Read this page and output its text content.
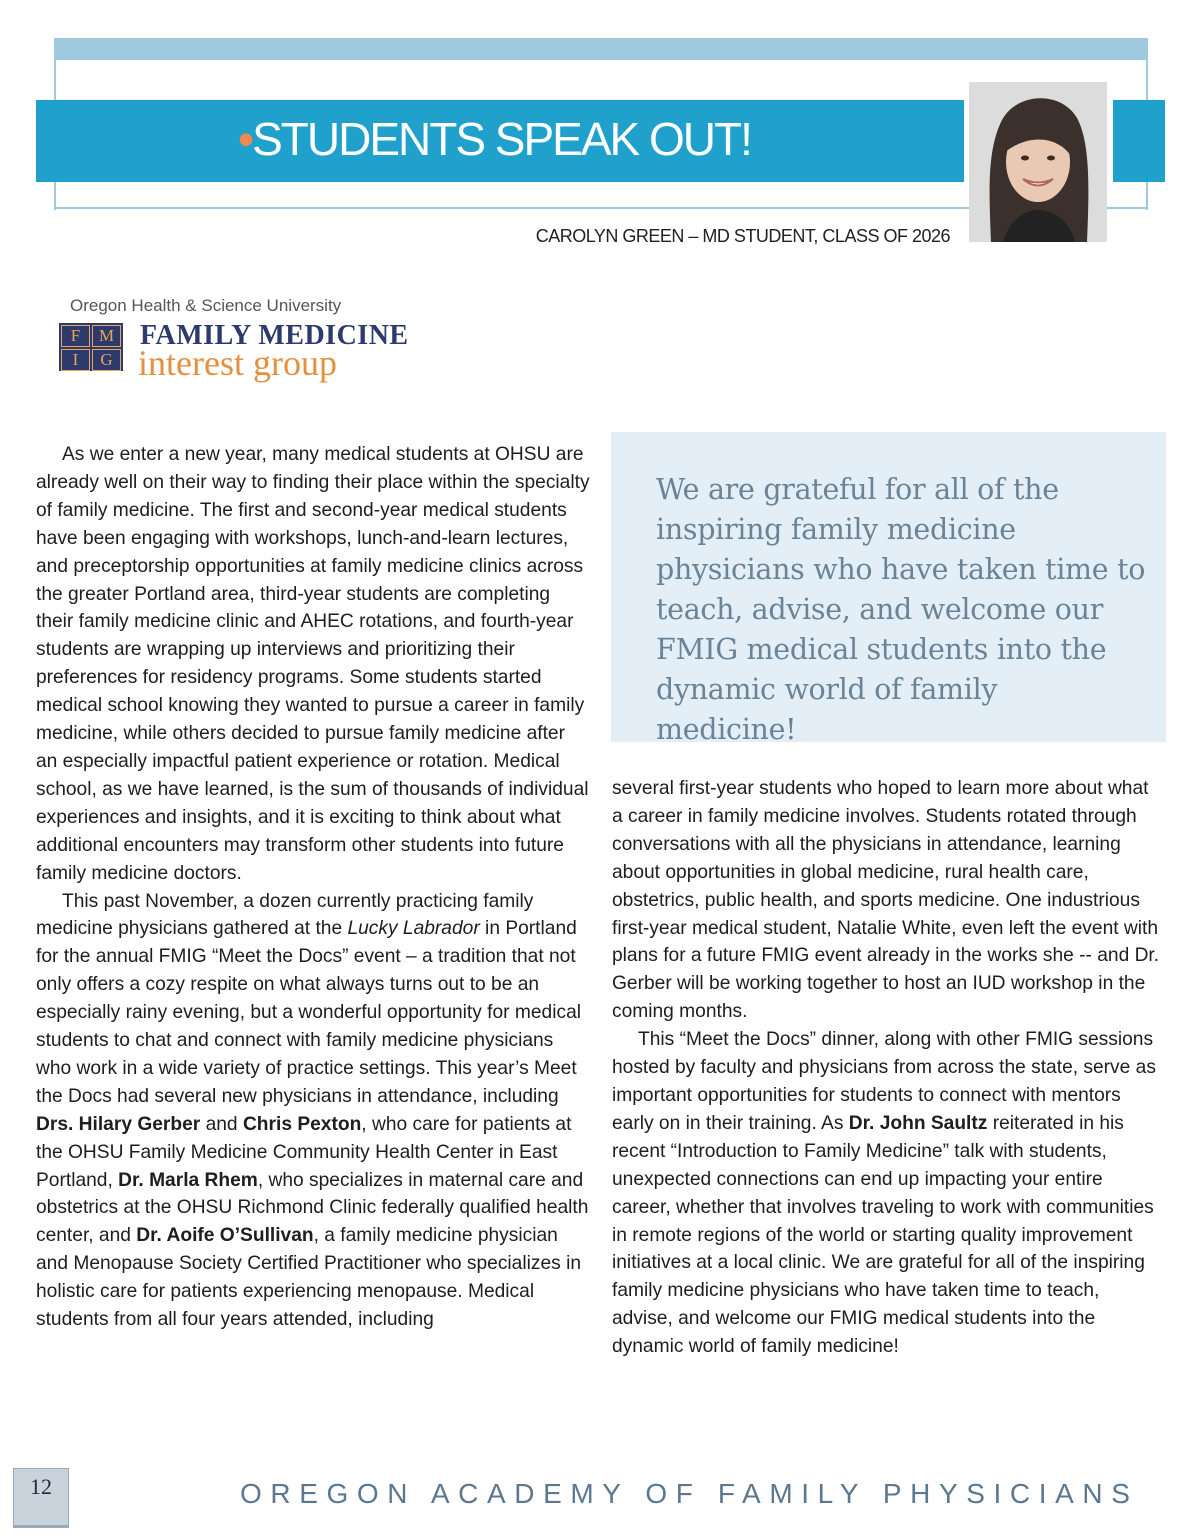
•STUDENTS SPEAK OUT!
CAROLYN GREEN – MD STUDENT, CLASS OF 2026
Oregon Health & Science University
F	M
I	G
FAMILY MEDICINE
interest group

As we enter a new year, many medical students at OHSU are already well on their way to finding their place within the specialty of family medicine. The first and second-year medical students have been engaging with workshops, lunch-and-learn lectures, and preceptorship opportunities at family medicine clinics across the greater Portland area, third-year students are completing their family medicine clinic and AHEC rotations, and fourth-year students are wrapping up interviews and prioritizing their preferences for residency programs. Some students started medical school knowing they wanted to pursue a career in family medicine, while others decided to pursue family medicine after an especially impactful patient experience or rotation. Medical school, as we have learned, is the sum of thousands of individual experiences and insights, and it is exciting to think about what additional encounters may transform other students into future family medicine doctors.

This past November, a dozen currently practicing family medicine physicians gathered at the Lucky Labrador in Portland for the annual FMIG “Meet the Docs” event – a tradition that not only offers a cozy respite on what always turns out to be an especially rainy evening, but a wonderful opportunity for medical students to chat and connect with family medicine physicians who work in a wide variety of practice settings. This year’s Meet the Docs had several new physicians in attendance, including Drs. Hilary Gerber and Chris Pexton, who care for patients at the OHSU Family Medicine Community Health Center in East Portland, Dr. Marla Rhem, who specializes in maternal care and obstetrics at the OHSU Richmond Clinic federally qualified health center, and Dr. Aoife O’Sullivan, a family medicine physician and Menopause Society Certified Practitioner who specializes in holistic care for patients experiencing menopause. Medical students from all four years attended, including

We are grateful for all of the inspiring family medicine physicians who have taken time to teach, advise, and welcome our FMIG medical students into the dynamic world of family medicine!

several first-year students who hoped to learn more about what a career in family medicine involves. Students rotated through conversations with all the physicians in attendance, learning about opportunities in global medicine, rural health care, obstetrics, public health, and sports medicine. One industrious first-year medical student, Natalie White, even left the event with plans for a future FMIG event already in the works she -- and Dr. Gerber will be working together to host an IUD workshop in the coming months.

This “Meet the Docs” dinner, along with other FMIG sessions hosted by faculty and physicians from across the state, serve as important opportunities for students to connect with mentors early on in their training. As Dr. John Saultz reiterated in his recent “Introduction to Family Medicine” talk with students, unexpected connections can end up impacting your entire career, whether that involves traveling to work with communities in remote regions of the world or starting quality improvement initiatives at a local clinic. We are grateful for all of the inspiring family medicine physicians who have taken time to teach, advise, and welcome our FMIG medical students into the dynamic world of family medicine!

12	OREGON ACADEMY OF FAMILY PHYSICIANS
